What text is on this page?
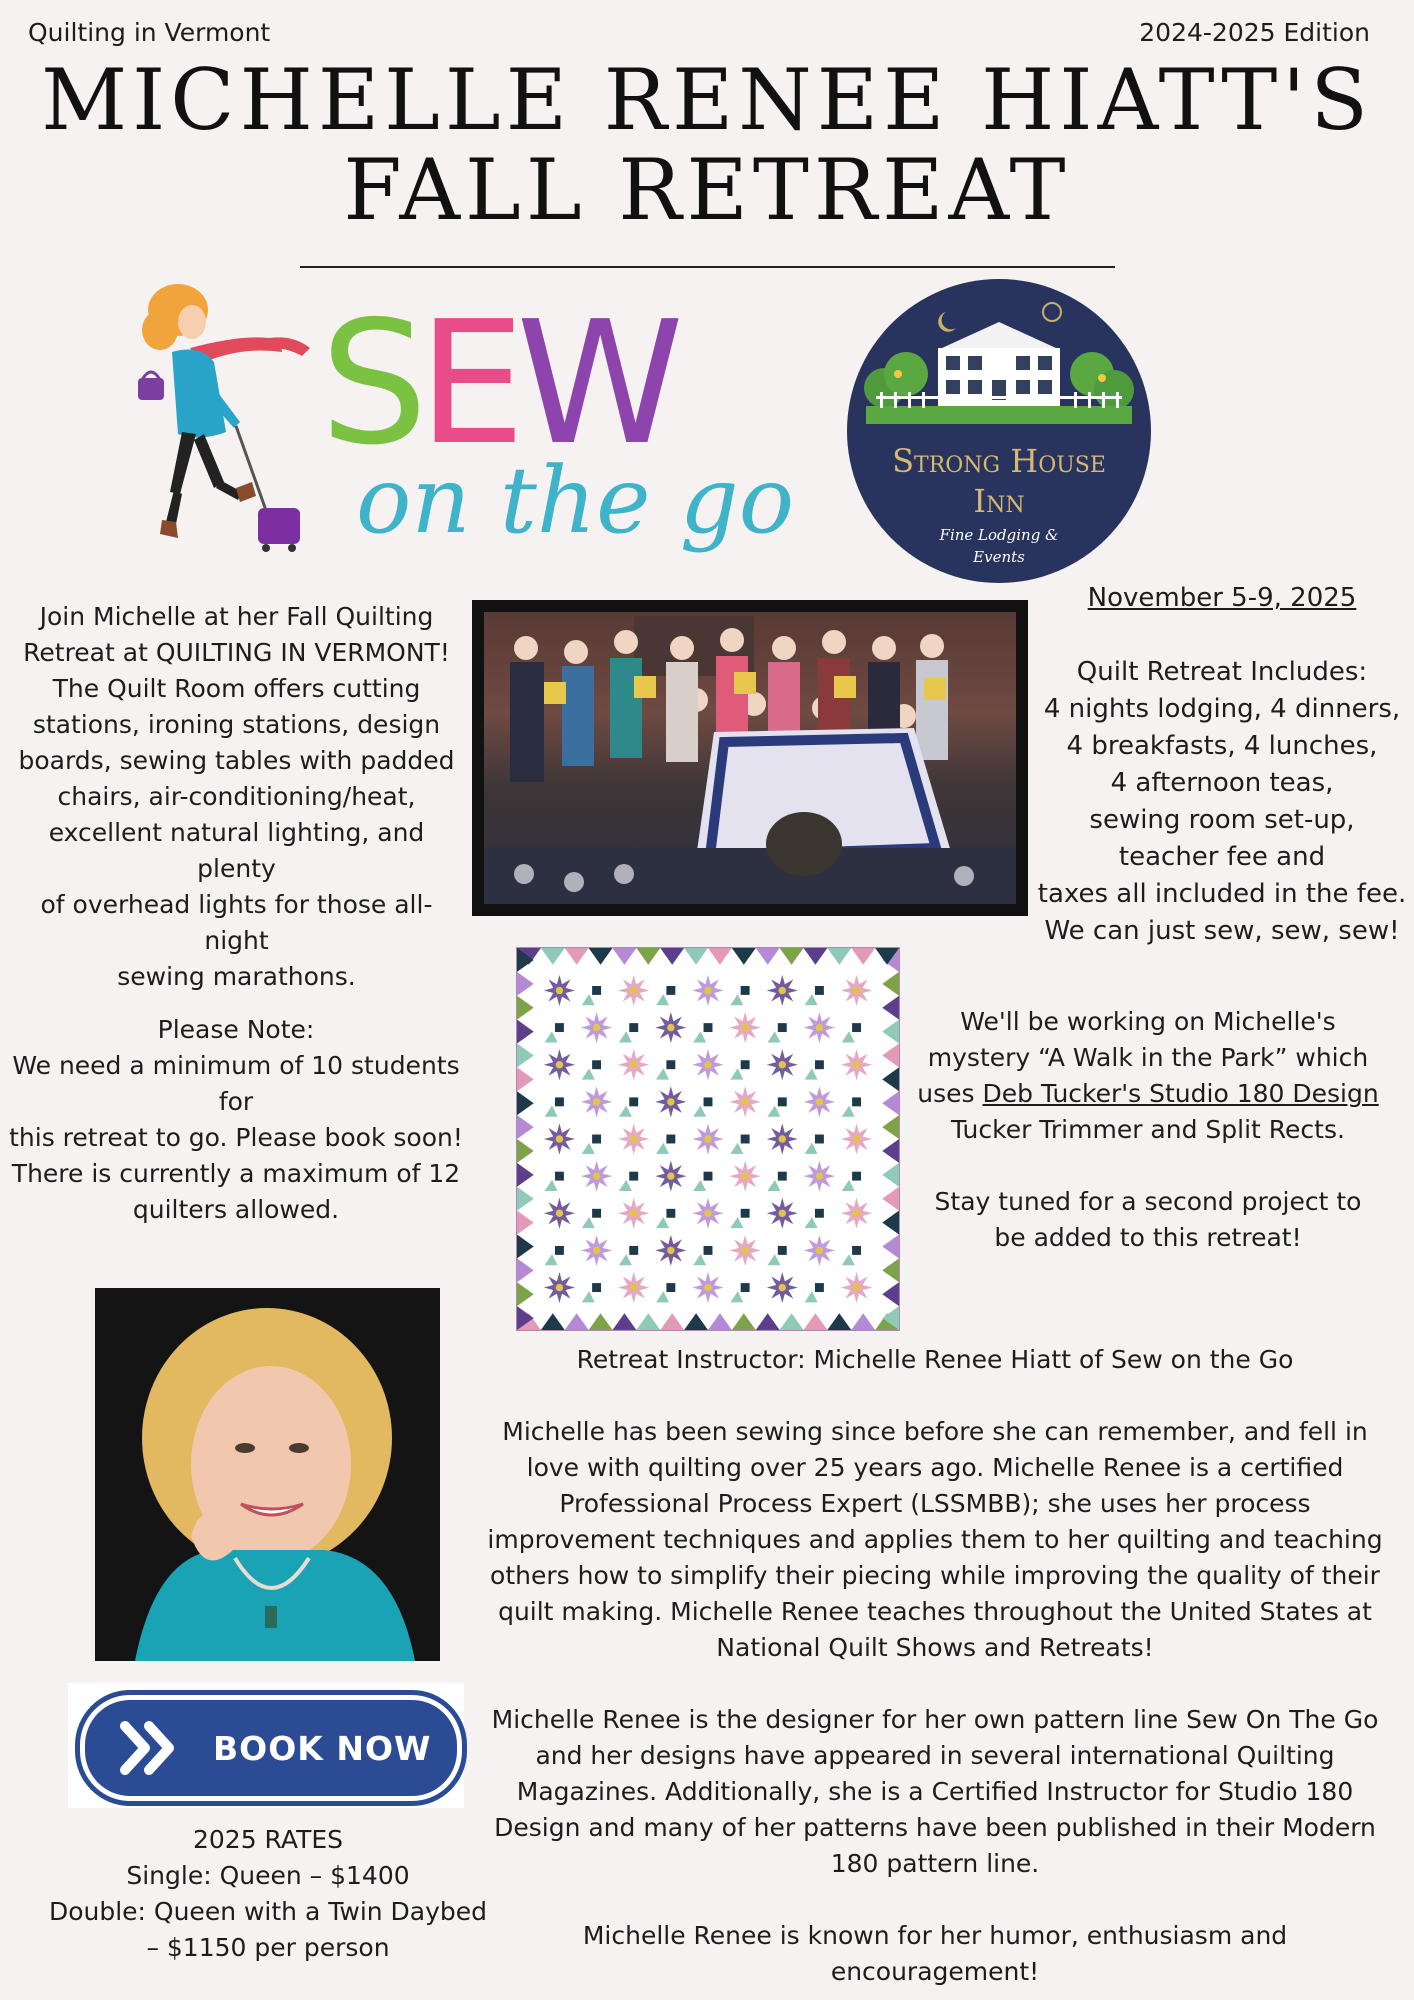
Quilting in Vermont	2024-2025 Edition
MICHELLE RENEE HIATT'S
FALL RETREAT
S
E
W
on the go	Strong House
Inn
Fine Lodging &
Events
Join Michelle at her Fall Quilting
Retreat at QUILTING IN VERMONT!
The Quilt Room offers cutting
stations, ironing stations, design
boards, sewing tables with padded
chairs, air-conditioning/heat,
excellent natural lighting, and plenty
of overhead lights for those all-night
sewing marathons.
November 5-9, 2025
Quilt Retreat Includes:
4 nights lodging, 4 dinners,
4 breakfasts, 4 lunches,
4 afternoon teas,
sewing room set-up,
teacher fee and
taxes all included in the fee.
We can just sew, sew, sew!
Please Note:
We need a minimum of 10 students for
this retreat to go. Please book soon!
There is currently a maximum of 12
quilters allowed.
We'll be working on Michelle's
mystery “A Walk in the Park” which
uses Deb Tucker's Studio 180 Design
Tucker Trimmer and Split Rects.
Stay tuned for a second project to
be added to this retreat!
Retreat Instructor: Michelle Renee Hiatt of Sew on the Go
Michelle has been sewing since before she can remember, and fell in
love with quilting over 25 years ago. Michelle Renee is a certified
Professional Process Expert (LSSMBB); she uses her process
improvement techniques and applies them to her quilting and teaching
others how to simplify their piecing while improving the quality of their
quilt making. Michelle Renee teaches throughout the United States at
National Quilt Shows and Retreats!
Michelle Renee is the designer for her own pattern line Sew On The Go
and her designs have appeared in several international Quilting
Magazines. Additionally, she is a Certified Instructor for Studio 180
Design and many of her patterns have been published in their Modern
180 pattern line.
Michelle Renee is known for her humor, enthusiasm and
encouragement!
BOOK NOW
2025 RATES
Single: Queen – $1400
Double: Queen with a Twin Daybed
– $1150 per person
